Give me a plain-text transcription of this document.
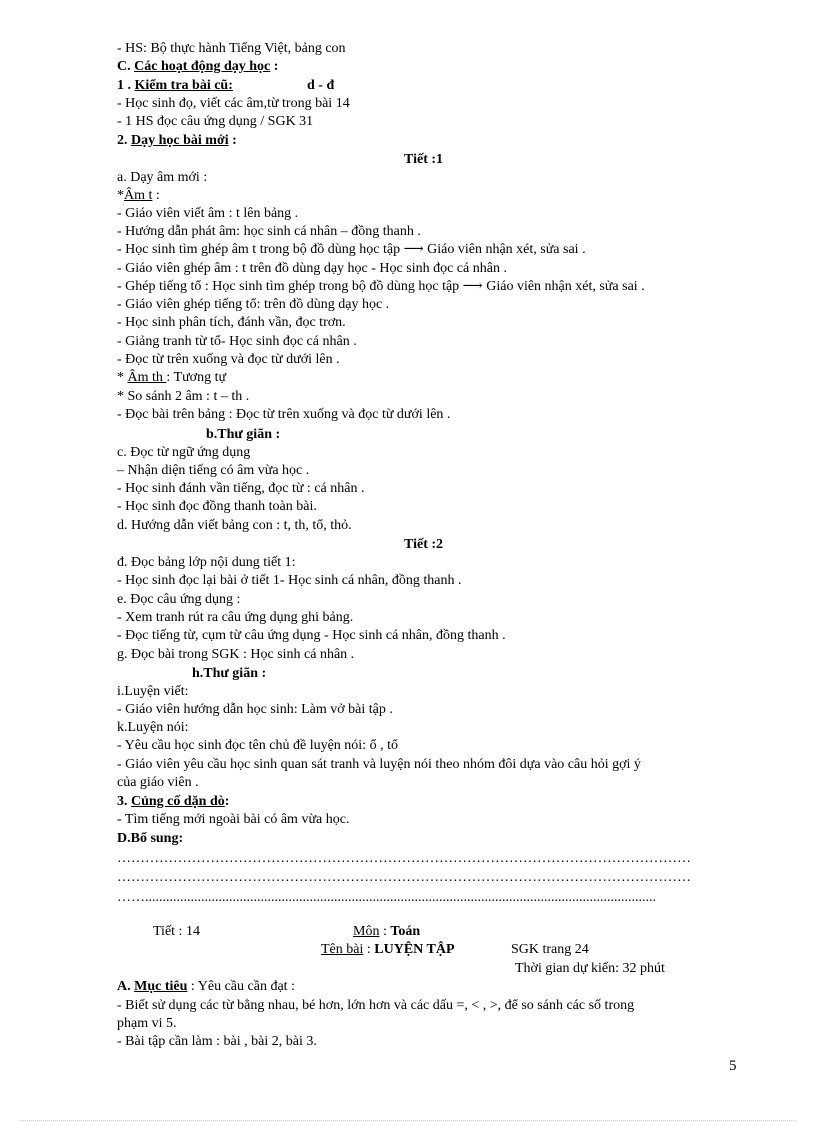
- HS: Bộ thực hành Tiếng Việt, bảng con
C. Các hoạt động dạy học :
1 . Kiểm tra bài cũ:	d - đ
- Học sinh đọ, viết các âm,từ trong bài 14
- 1 HS đọc câu ứng dụng / SGK 31
2. Dạy học bài mới :
Tiết :1
a. Dạy âm mới :
*Âm t :
- Giáo viên viết âm : t lên bảng .
- Hướng dẫn phát âm: học sinh cá nhân – đồng thanh .
- Học sinh tìm ghép âm t trong bộ đồ dùng học tập ⟶ Giáo viên nhận xét, sửa sai .
- Giáo viên ghép âm : t trên đồ dùng dạy học - Học sinh đọc cá nhân .
- Ghép tiếng tổ : Học sinh tìm ghép trong bộ đồ dùng học tập ⟶ Giáo viên nhận xét, sửa sai .
- Giáo viên ghép tiếng tổ: trên đồ dùng dạy học .
- Học sinh phân tích, đánh vần, đọc trơn.
- Giảng tranh từ tổ- Học sinh đọc cá nhân .
- Đọc từ trên xuống và đọc từ dưới lên .
* Âm th : Tương tự
* So sánh 2 âm : t – th .
- Đọc bài trên bảng : Đọc từ trên xuống và đọc từ dưới lên .
b.Thư giãn :
c. Đọc từ ngữ ứng dụng
– Nhận diện tiếng có âm vừa học .
- Học sinh đánh vần tiếng, đọc từ : cá nhân .
- Học sinh đọc đồng thanh toàn bài.
d. Hướng dẫn viết bảng con : t, th, tổ, thỏ.
Tiết :2
đ. Đọc bảng lớp nội dung tiết 1:
- Học sinh đọc lại bài ở tiết 1- Học sinh cá nhân, đồng thanh .
e. Đọc câu ứng dụng :
- Xem tranh rút ra câu ứng dụng ghi bảng.
- Đọc tiếng từ, cụm từ câu ứng dụng - Học sinh cá nhân, đồng thanh .
g. Đọc bài trong SGK : Học sinh cá nhân .
h.Thư giãn :
i.Luyện viết:
- Giáo viên hướng dẫn học sinh: Làm vở bài tập .
k.Luyện nói:
- Yêu cầu học sinh đọc tên chủ đề luyện nói: ổ , tổ
- Giáo viên yêu cầu học sinh quan sát tranh và luyện nói theo nhóm đôi dựa vào câu hỏi gợi ý
của giáo viên .
3. Củng cố dặn dò:
- Tìm tiếng mới ngoài bài có âm vừa học.
D.Bổ sung:
……………………………………………………………………………………………………………
……………………………………………………………………………………………………………
……..................................................................................................................................................
Tiết : 14	Môn : Toán
Tên bài : LUYỆN TẬP	SGK trang 24
Thời gian dự kiến: 32 phút
A. Mục tiêu : Yêu cầu cần đạt :
- Biết sử dụng các từ bằng nhau, bé hơn, lớn hơn và các dấu =, < , >, để so sánh các số trong
phạm vi 5.
- Bài tập cần làm : bài , bài 2, bài 3.
5
